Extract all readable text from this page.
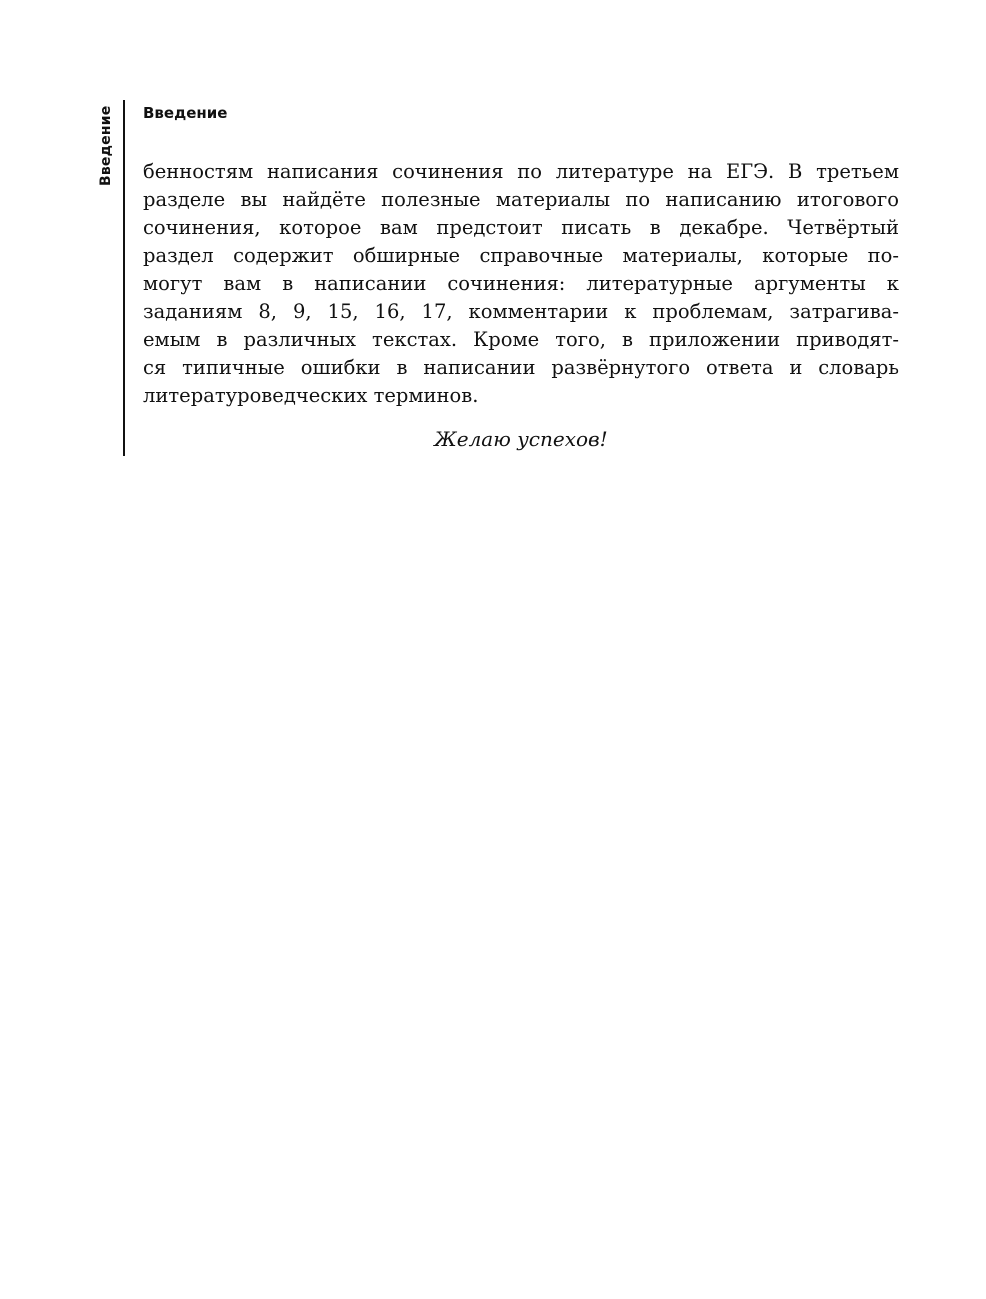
Введение Введение
бенностям написания сочинения по литературе на ЕГЭ. В третьем
разделе вы найдёте полезные материалы по написанию итогового
сочинения, которое вам предстоит писать в декабре. Четвёртый
раздел содержит обширные справочные материалы, которые по-
могут вам в написании сочинения: литературные аргументы к
заданиям 8, 9, 15, 16, 17, комментарии к проблемам, затрагива-
емым в различных текстах. Кроме того, в приложении приводят-
ся типичные ошибки в написании развёрнутого ответа и словарь
литературоведческих терминов.
Желаю успехов!
